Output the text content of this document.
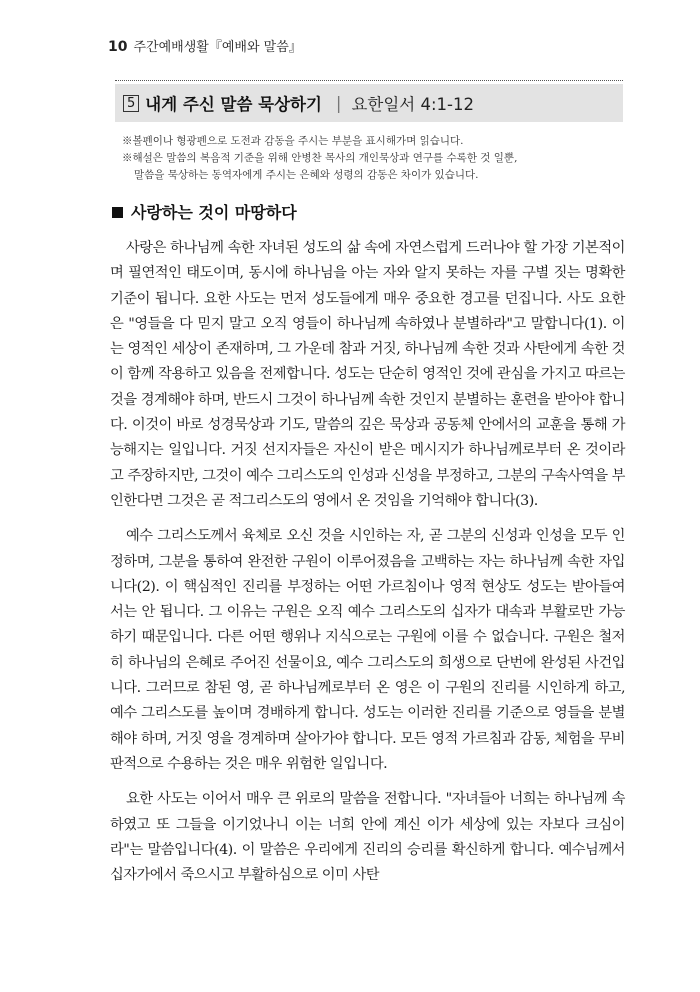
10 주간예배생활『예배와 말씀』
5 내게 주신 말씀 묵상하기 | 요한일서 4:1-12

※볼펜이나 형광펜으로 도전과 감동을 주시는 부분을 표시해가며 읽습니다.

※해설은 말씀의 복음적 기준을 위해 안병찬 목사의 개인묵상과 연구를 수록한 것 일뿐,

말씀을 묵상하는 동역자에게 주시는 은혜와 성령의 감동은 차이가 있습니다.

사랑하는 것이 마땅하다

사랑은 하나님께 속한 자녀된 성도의 삶 속에 자연스럽게 드러나야 할 가장 기본적이며 필연적인 태도이며, 동시에 하나님을 아는 자와 알지 못하는 자를 구별 짓는 명확한 기준이 됩니다. 요한 사도는 먼저 성도들에게 매우 중요한 경고를 던집니다. 사도 요한은 "영들을 다 믿지 말고 오직 영들이 하나님께 속하였나 분별하라"고 말합니다(1). 이는 영적인 세상이 존재하며, 그 가운데 참과 거짓, 하나님께 속한 것과 사탄에게 속한 것이 함께 작용하고 있음을 전제합니다. 성도는 단순히 영적인 것에 관심을 가지고 따르는 것을 경계해야 하며, 반드시 그것이 하나님께 속한 것인지 분별하는 훈련을 받아야 합니다. 이것이 바로 성경묵상과 기도, 말씀의 깊은 묵상과 공동체 안에서의 교훈을 통해 가능해지는 일입니다. 거짓 선지자들은 자신이 받은 메시지가 하나님께로부터 온 것이라고 주장하지만, 그것이 예수 그리스도의 인성과 신성을 부정하고, 그분의 구속사역을 부인한다면 그것은 곧 적그리스도의 영에서 온 것임을 기억해야 합니다(3).

예수 그리스도께서 육체로 오신 것을 시인하는 자, 곧 그분의 신성과 인성을 모두 인정하며, 그분을 통하여 완전한 구원이 이루어졌음을 고백하는 자는 하나님께 속한 자입니다(2). 이 핵심적인 진리를 부정하는 어떤 가르침이나 영적 현상도 성도는 받아들여서는 안 됩니다. 그 이유는 구원은 오직 예수 그리스도의 십자가 대속과 부활로만 가능하기 때문입니다. 다른 어떤 행위나 지식으로는 구원에 이를 수 없습니다. 구원은 철저히 하나님의 은혜로 주어진 선물이요, 예수 그리스도의 희생으로 단번에 완성된 사건입니다. 그러므로 참된 영, 곧 하나님께로부터 온 영은 이 구원의 진리를 시인하게 하고, 예수 그리스도를 높이며 경배하게 합니다. 성도는 이러한 진리를 기준으로 영들을 분별해야 하며, 거짓 영을 경계하며 살아가야 합니다. 모든 영적 가르침과 감동, 체험을 무비판적으로 수용하는 것은 매우 위험한 일입니다.

요한 사도는 이어서 매우 큰 위로의 말씀을 전합니다. "자녀들아 너희는 하나님께 속하였고 또 그들을 이기었나니 이는 너희 안에 계신 이가 세상에 있는 자보다 크심이라"는 말씀입니다(4). 이 말씀은 우리에게 진리의 승리를 확신하게 합니다. 예수님께서 십자가에서 죽으시고 부활하심으로 이미 사탄
